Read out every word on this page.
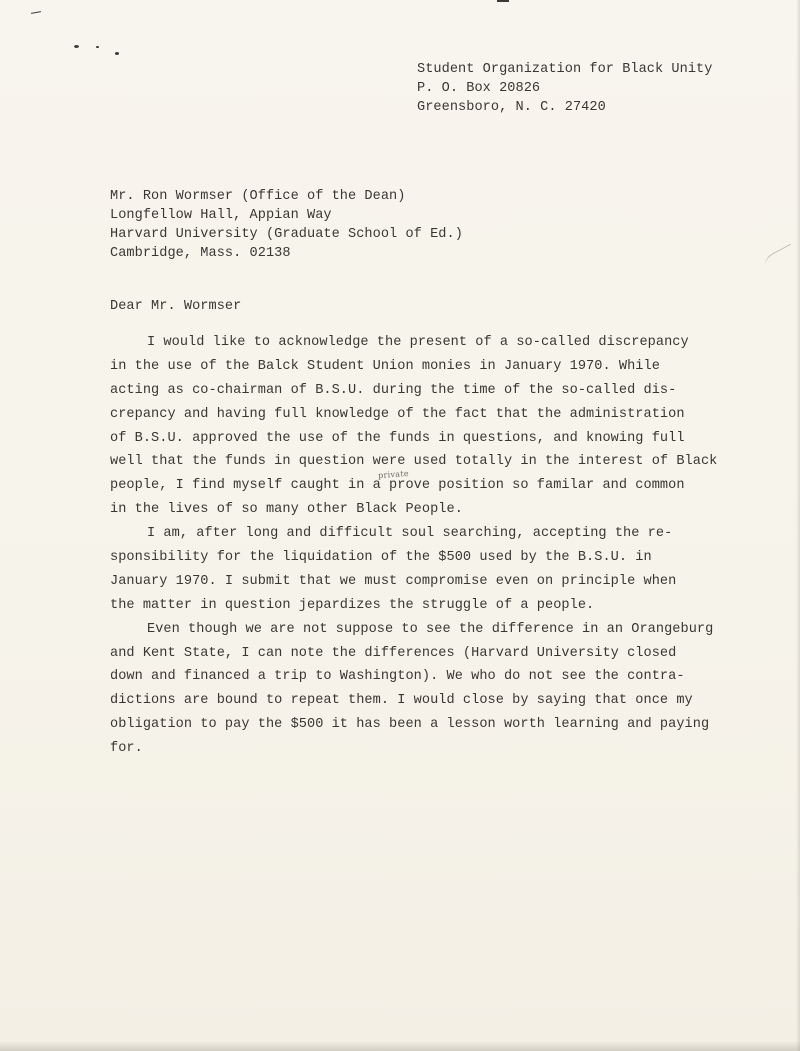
Student Organization for Black Unity
P. O. Box 20826
Greensboro, N. C. 27420
Mr. Ron Wormser (Office of the Dean)
Longfellow Hall, Appian Way
Harvard University (Graduate School of Ed.)
Cambridge, Mass. 02138
Dear Mr. Wormser
private
I would like to acknowledge the present of a so-called discrepancy
in the use of the Balck Student Union monies in January 1970. While
acting as co-chairman of B.S.U. during the time of the so-called dis-
crepancy and having full knowledge of the fact that the administration
of B.S.U. approved the use of the funds in questions, and knowing full
well that the funds in question were used totally in the interest of Black
people, I find myself caught in a prove position so familar and common
in the lives of so many other Black People.
I am, after long and difficult soul searching, accepting the re-
sponsibility for the liquidation of the $500 used by the B.S.U. in
January 1970. I submit that we must compromise even on principle when
the matter in question jepardizes the struggle of a people.
Even though we are not suppose to see the difference in an Orangeburg
and Kent State, I can note the differences (Harvard University closed
down and financed a trip to Washington). We who do not see the contra-
dictions are bound to repeat them. I would close by saying that once my
obligation to pay the $500 it has been a lesson worth learning and paying
for.
